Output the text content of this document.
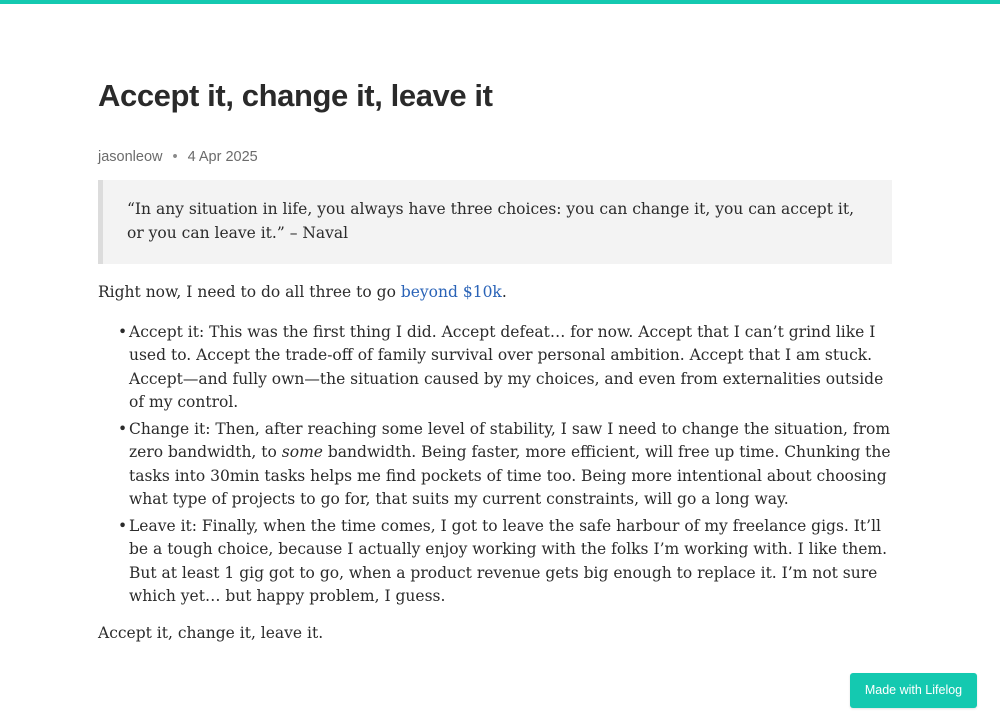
Accept it, change it, leave it
jasonleow • 4 Apr 2025
“In any situation in life, you always have three choices: you can change it, you can accept it, or you can leave it.” – Naval

Right now, I need to do all three to go beyond $10k.

• Accept it: This was the first thing I did. Accept defeat… for now. Accept that I can’t grind like I used to. Accept the trade-off of family survival over personal ambition. Accept that I am stuck. Accept—and fully own—the situation caused by my choices, and even from externalities outside of my control.
• Change it: Then, after reaching some level of stability, I saw I need to change the situation, from zero bandwidth, to some bandwidth. Being faster, more efficient, will free up time. Chunking the tasks into 30min tasks helps me find pockets of time too. Being more intentional about choosing what type of projects to go for, that suits my current constraints, will go a long way.
• Leave it: Finally, when the time comes, I got to leave the safe harbour of my freelance gigs. It’ll be a tough choice, because I actually enjoy working with the folks I’m working with. I like them. But at least 1 gig got to go, when a product revenue gets big enough to replace it. I’m not sure which yet… but happy problem, I guess.

Accept it, change it, leave it.

Made with Lifelog
